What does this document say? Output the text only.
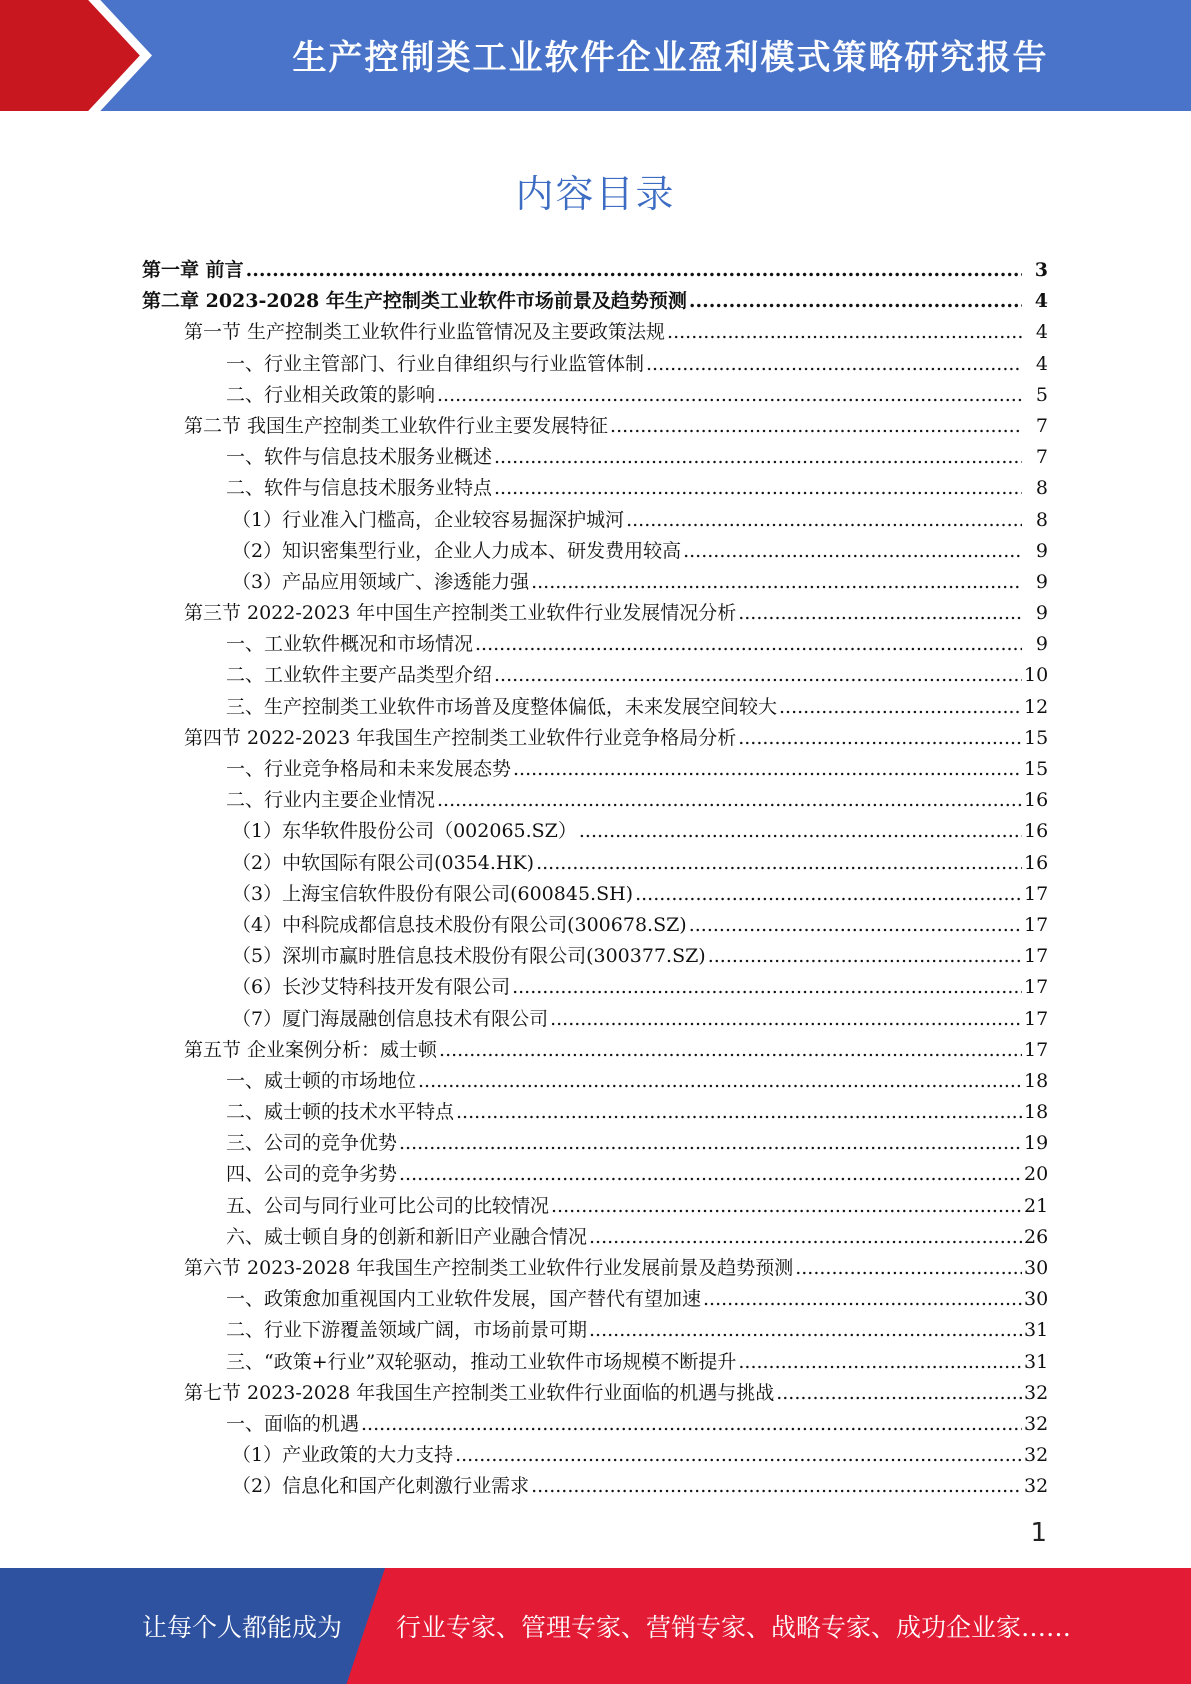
生产控制类工业软件企业盈利模式策略研究报告
内容目录
第一章 前言 .....	3
第二章 2023-2028 年生产控制类工业软件市场前景及趋势预测 .....	4
第一节 生产控制类工业软件行业监管情况及主要政策法规 .....	4
一、行业主管部门、行业自律组织与行业监管体制 .....	4
二、行业相关政策的影响 .....	5
第二节 我国生产控制类工业软件行业主要发展特征 .....	7
一、软件与信息技术服务业概述 .....	7
二、软件与信息技术服务业特点 .....	8
（1）行业准入门槛高，企业较容易掘深护城河 .....	8
（2）知识密集型行业，企业人力成本、研发费用较高 .....	9
（3）产品应用领域广、渗透能力强 .....	9
第三节 2022-2023 年中国生产控制类工业软件行业发展情况分析 .....	9
一、工业软件概况和市场情况 .....	9
二、工业软件主要产品类型介绍 .....	10
三、生产控制类工业软件市场普及度整体偏低，未来发展空间较大 .....	12
第四节 2022-2023 年我国生产控制类工业软件行业竞争格局分析 .....	15
一、行业竞争格局和未来发展态势 .....	15
二、行业内主要企业情况 .....	16
（1）东华软件股份公司（002065.SZ） .....	16
（2）中软国际有限公司(0354.HK) .....	16
（3）上海宝信软件股份有限公司(600845.SH) .....	17
（4）中科院成都信息技术股份有限公司(300678.SZ) .....	17
（5）深圳市赢时胜信息技术股份有限公司(300377.SZ) .....	17
（6）长沙艾特科技开发有限公司 .....	17
（7）厦门海晟融创信息技术有限公司 .....	17
第五节 企业案例分析：威士顿 .....	17
一、威士顿的市场地位 .....	18
二、威士顿的技术水平特点 .....	18
三、公司的竞争优势 .....	19
四、公司的竞争劣势 .....	20
五、公司与同行业可比公司的比较情况 .....	21
六、威士顿自身的创新和新旧产业融合情况 .....	26
第六节 2023-2028 年我国生产控制类工业软件行业发展前景及趋势预测 .....	30
一、政策愈加重视国内工业软件发展，国产替代有望加速 .....	30
二、行业下游覆盖领域广阔，市场前景可期 .....	31
三、“政策+行业”双轮驱动，推动工业软件市场规模不断提升 .....	31
第七节 2023-2028 年我国生产控制类工业软件行业面临的机遇与挑战 .....	32
一、面临的机遇 .....	32
（1）产业政策的大力支持 .....	32
（2）信息化和国产化刺激行业需求 .....	32
1
让每个人都能成为 行业专家、管理专家、营销专家、战略专家、成功企业家……
